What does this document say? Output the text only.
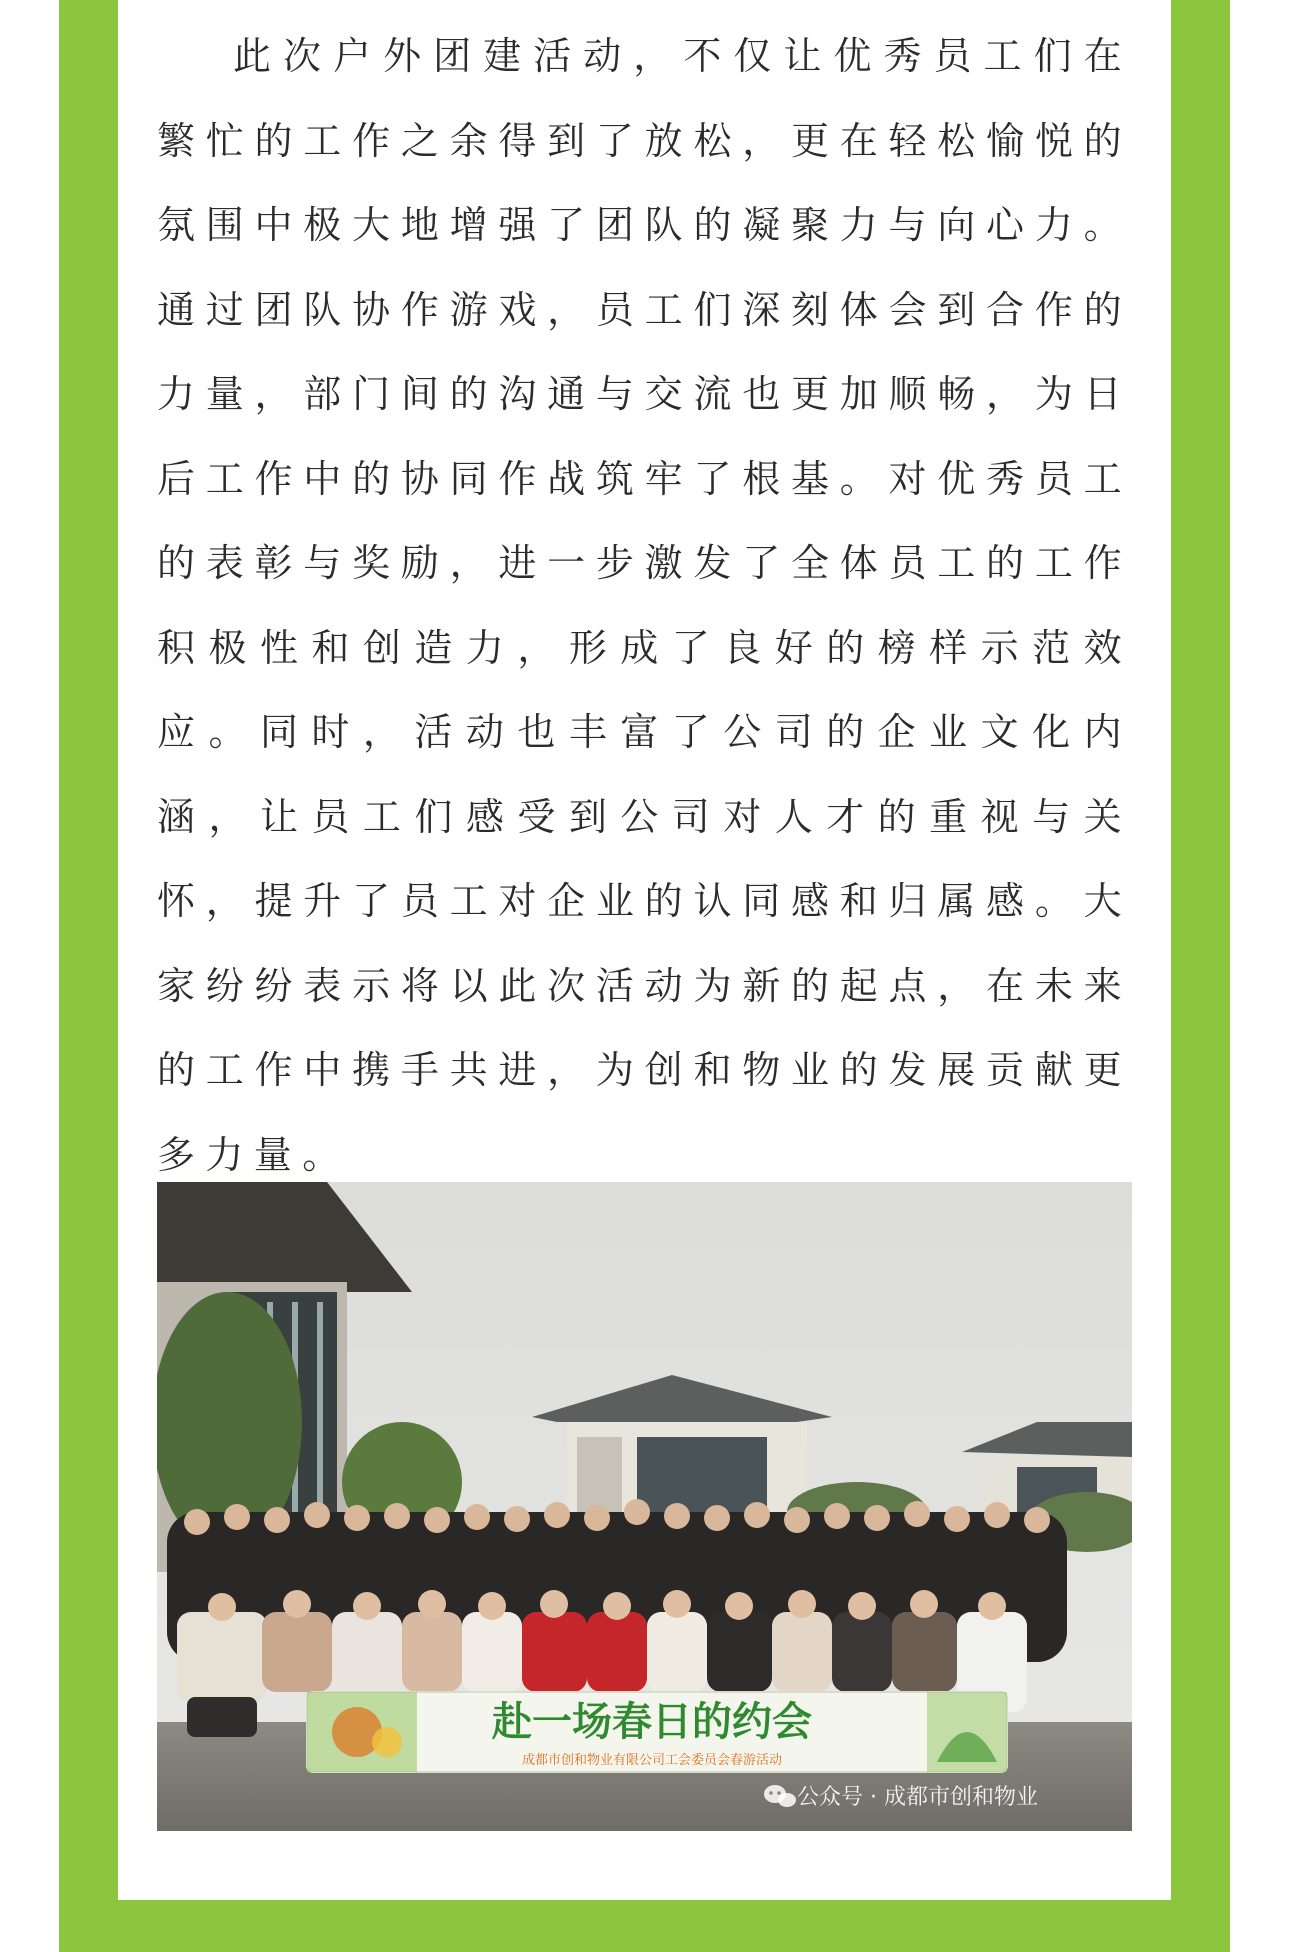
此次户外团建活动，不仅让优秀员工们在繁忙的工作之余得到了放松，更在轻松愉悦的氛围中极大地增强了团队的凝聚力与向心力。通过团队协作游戏，员工们深刻体会到合作的力量，部门间的沟通与交流也更加顺畅，为日后工作中的协同作战筑牢了根基。对优秀员工的表彰与奖励，进一步激发了全体员工的工作积极性和创造力，形成了良好的榜样示范效应。同时，活动也丰富了公司的企业文化内涵，让员工们感受到公司对人才的重视与关怀，提升了员工对企业的认同感和归属感。大家纷纷表示将以此次活动为新的起点，在未来的工作中携手共进，为创和物业的发展贡献更多力量。

赴一场春日的约会
成都市创和物业有限公司工会委员会春游活动
公众号 · 成都市创和物业
